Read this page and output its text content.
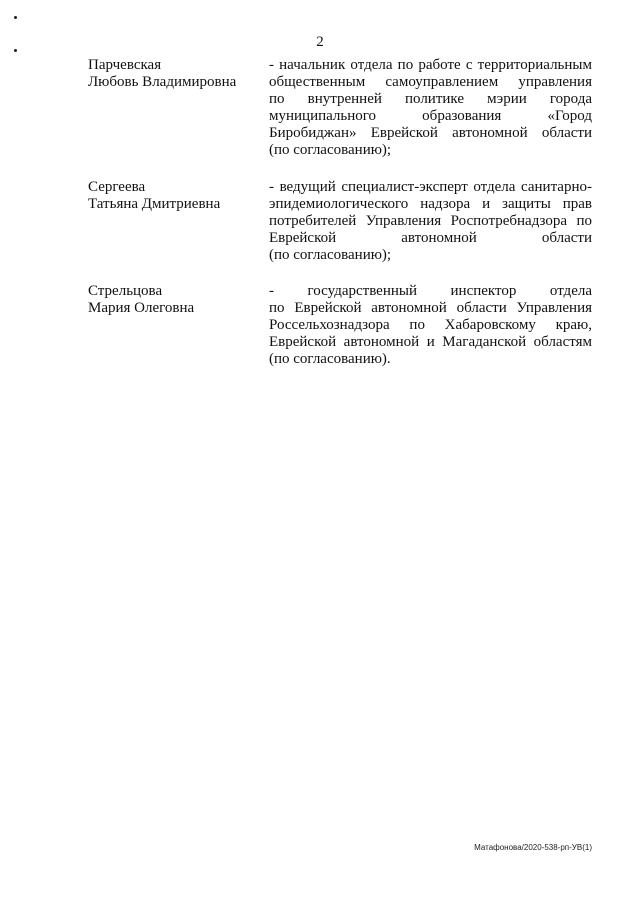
2
Парчевская
Любовь Владимировна
- начальник отдела по работе с территориальным
общественным самоуправлением управления
по внутренней политике мэрии города
муниципального образования «Город
Биробиджан» Еврейской автономной области
(по согласованию);
Сергеева
Татьяна Дмитриевна
- ведущий специалист-эксперт отдела санитарно-
эпидемиологического надзора и защиты прав
потребителей Управления Роспотребнадзора по
Еврейской автономной области
(по согласованию);
Стрельцова
Мария Олеговна
- государственный инспектор отдела
по Еврейской автономной области Управления
Россельхознадзора по Хабаровскому краю,
Еврейской автономной и Магаданской областям
(по согласованию).
Матафонова/2020-538-рп-УВ(1)
